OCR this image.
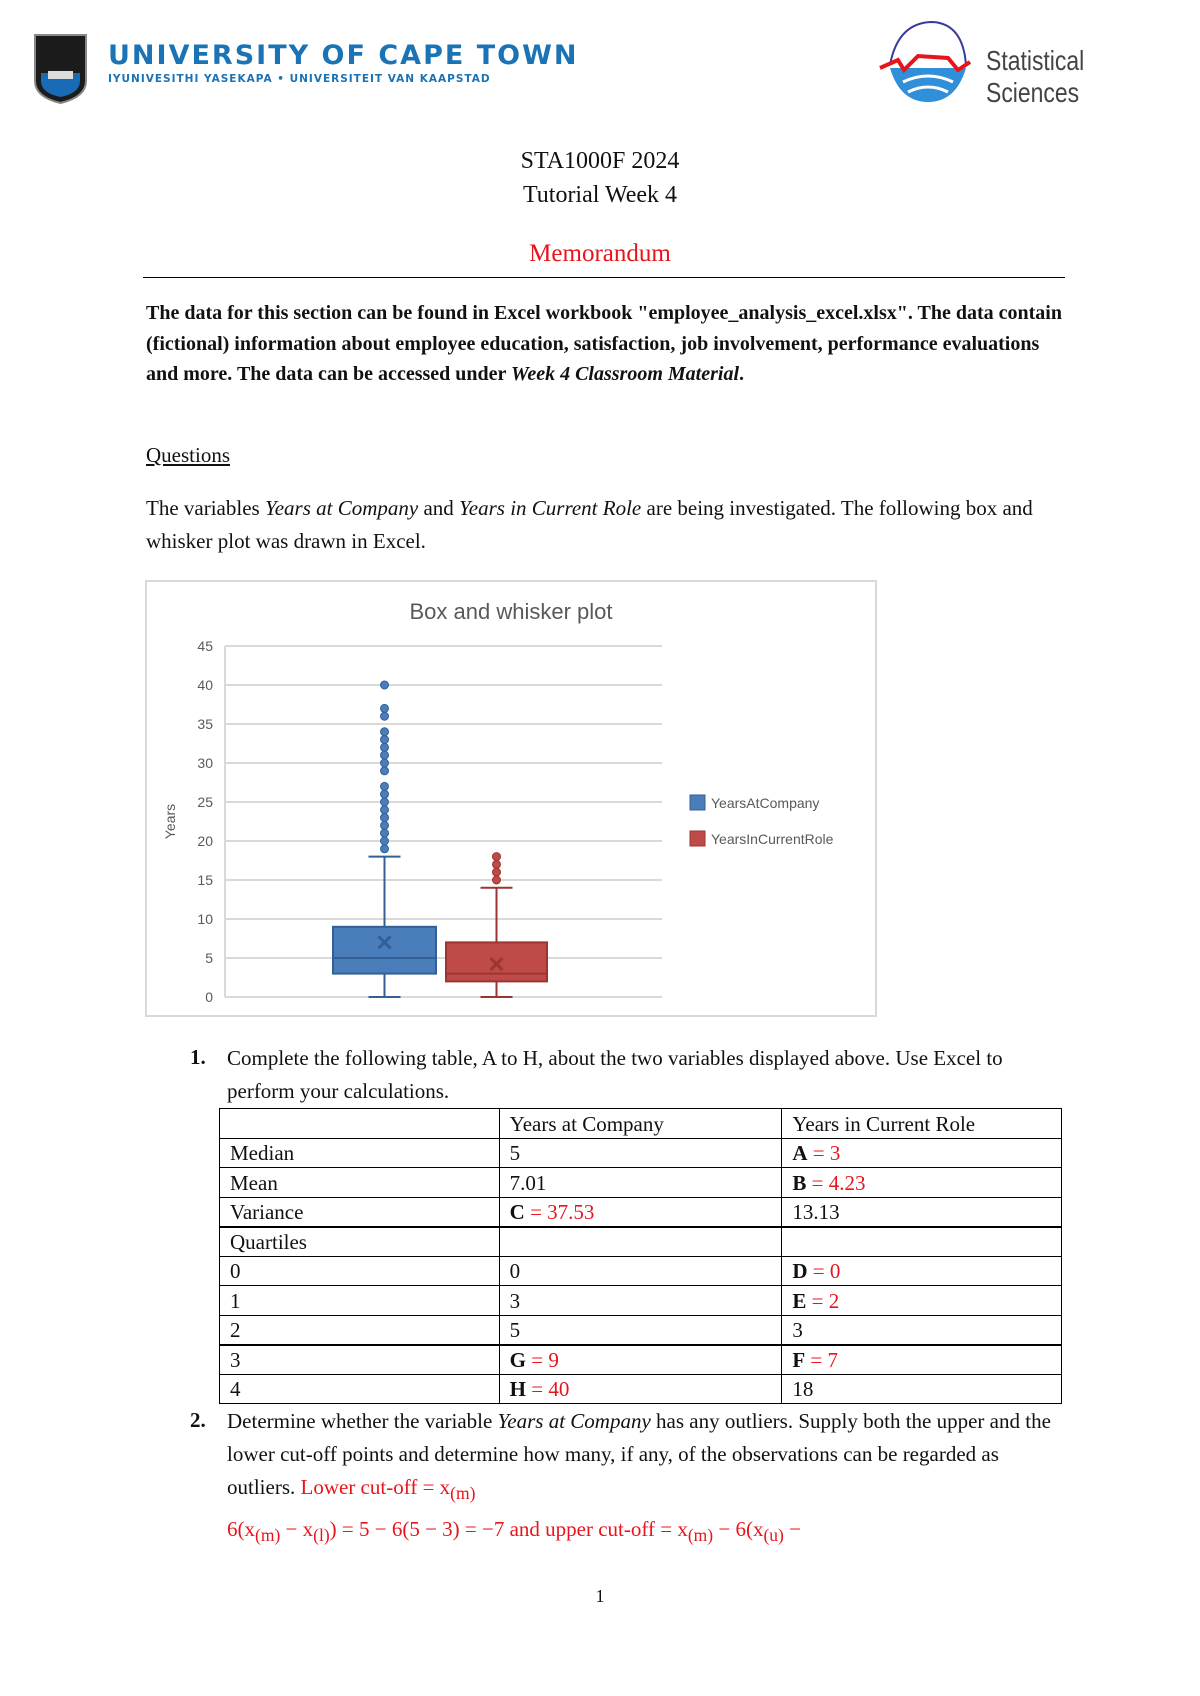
UNIVERSITY OF CAPE TOWN
IYUNIVESITHI YASEKAPA • UNIVERSITEIT VAN KAAPSTAD
Statistical Sciences
STA1000F 2024
Tutorial Week 4
Memorandum
The data for this section can be found in Excel workbook "employee_analysis_excel.xlsx". The data contain (fictional) information about employee education, satisfaction, job involvement, performance evaluations and more. The data can be accessed under Week 4 Classroom Material.
Questions
The variables Years at Company and Years in Current Role are being investigated. The following box and whisker plot was drawn in Excel.
Box and whisker plot
0
5
10
15
20
25
30
35
40
45
Years
YearsAtCompany
YearsInCurrentRole
1. Complete the following table, A to H, about the two variables displayed above. Use Excel to perform your calculations.
	Years at Company	Years in Current Role
Median	5	A = 3
Mean	7.01	B = 4.23
Variance	C = 37.53	13.13
Quartiles		
0	0	D = 0
1	3	E = 2
2	5	3
3	G = 9	F = 7
4	H = 40	18
2. Determine whether the variable Years at Company has any outliers. Supply both the upper and the lower cut-off points and determine how many, if any, of the observations can be regarded as outliers. Lower $cut-off = x_{(m)}$
$6(x_{(m)} - x_{(l)}) = 5 - 6(5 - 3) = -7$ and upper $cut-off = x_{(m)} - 6(x_{(u)}$ −
1
